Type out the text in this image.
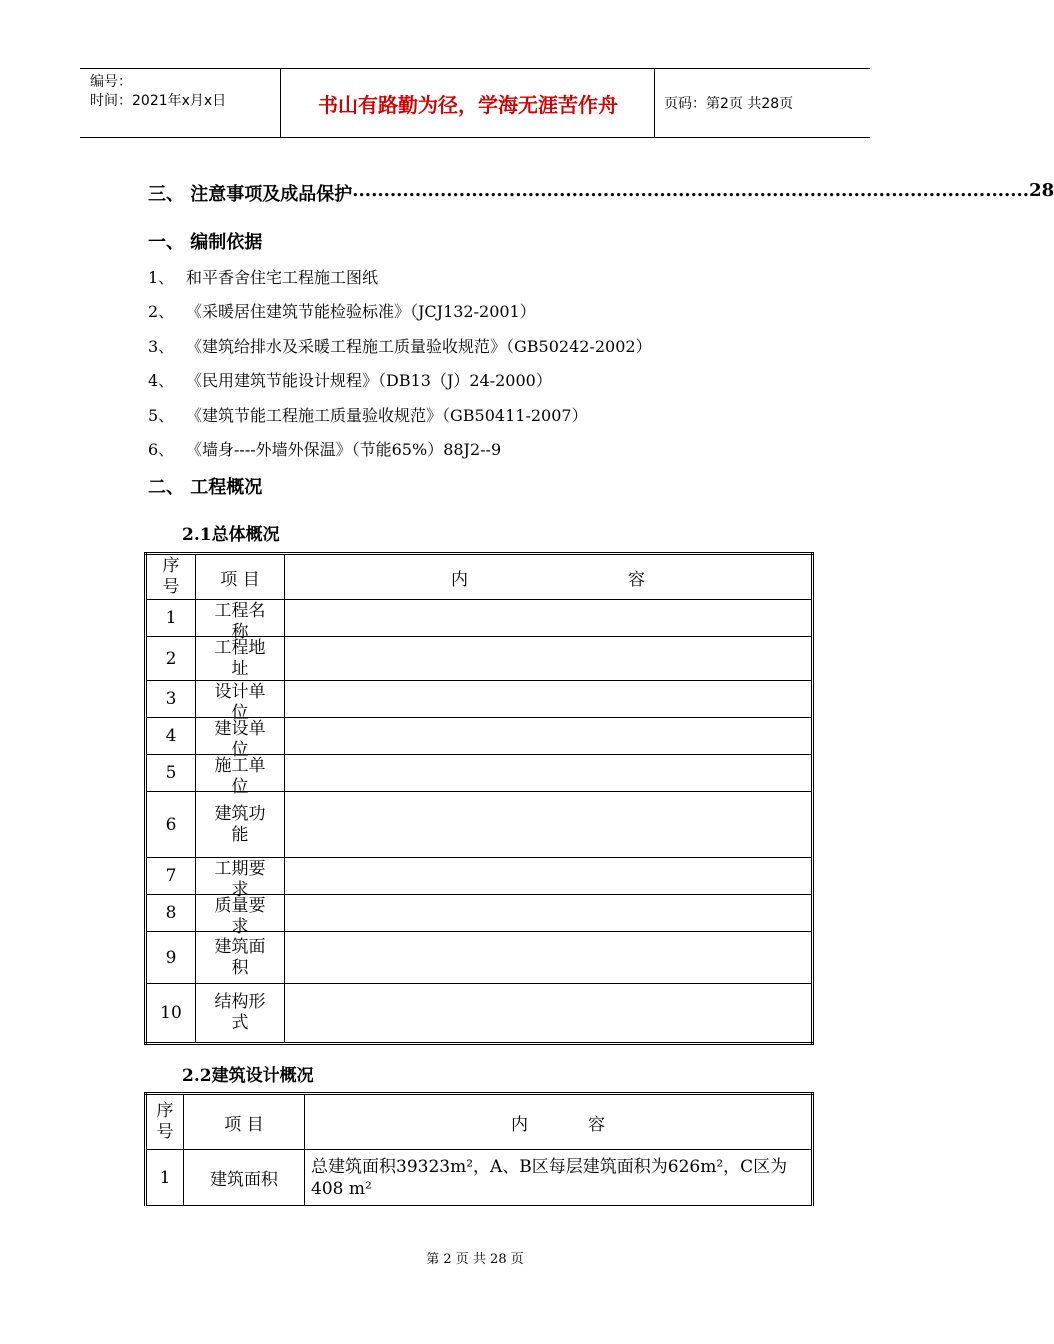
编号：
时间：2021年x月x日	书山有路勤为径，学海无涯苦作舟	页码：第2页 共28页
三、 注意事项及成品保护 ............................................................................................................ 28
一、 编制依据
1、 和平香舍住宅工程施工图纸
2、 《采暖居住建筑节能检验标准》（JCJ132-2001）
3、 《建筑给排水及采暖工程施工质量验收规范》（GB50242-2002）
4、 《民用建筑节能设计规程》（DB13（J）24-2000）
5、 《建筑节能工程施工质量验收规范》（GB50411-2007）
6、 《墙身----外墙外保温》（节能65%）88J2--9
二、 工程概况
2.1总体概况
序号	项 目	内 容
1	工程名称	

2	工程地址	
3	设计单位	

4	建设单位	

5	施工单位	

6	建筑功能	
7	工期要求	

8	质量要求	

9	建筑面积	
10	结构形式	
2.2建筑设计概况
序号	项 目	内 容
1	建筑面积	总建筑面积39323m²，A、B区每层建筑面积为626m²，C区为408 m²
第 2 页 共 28 页
